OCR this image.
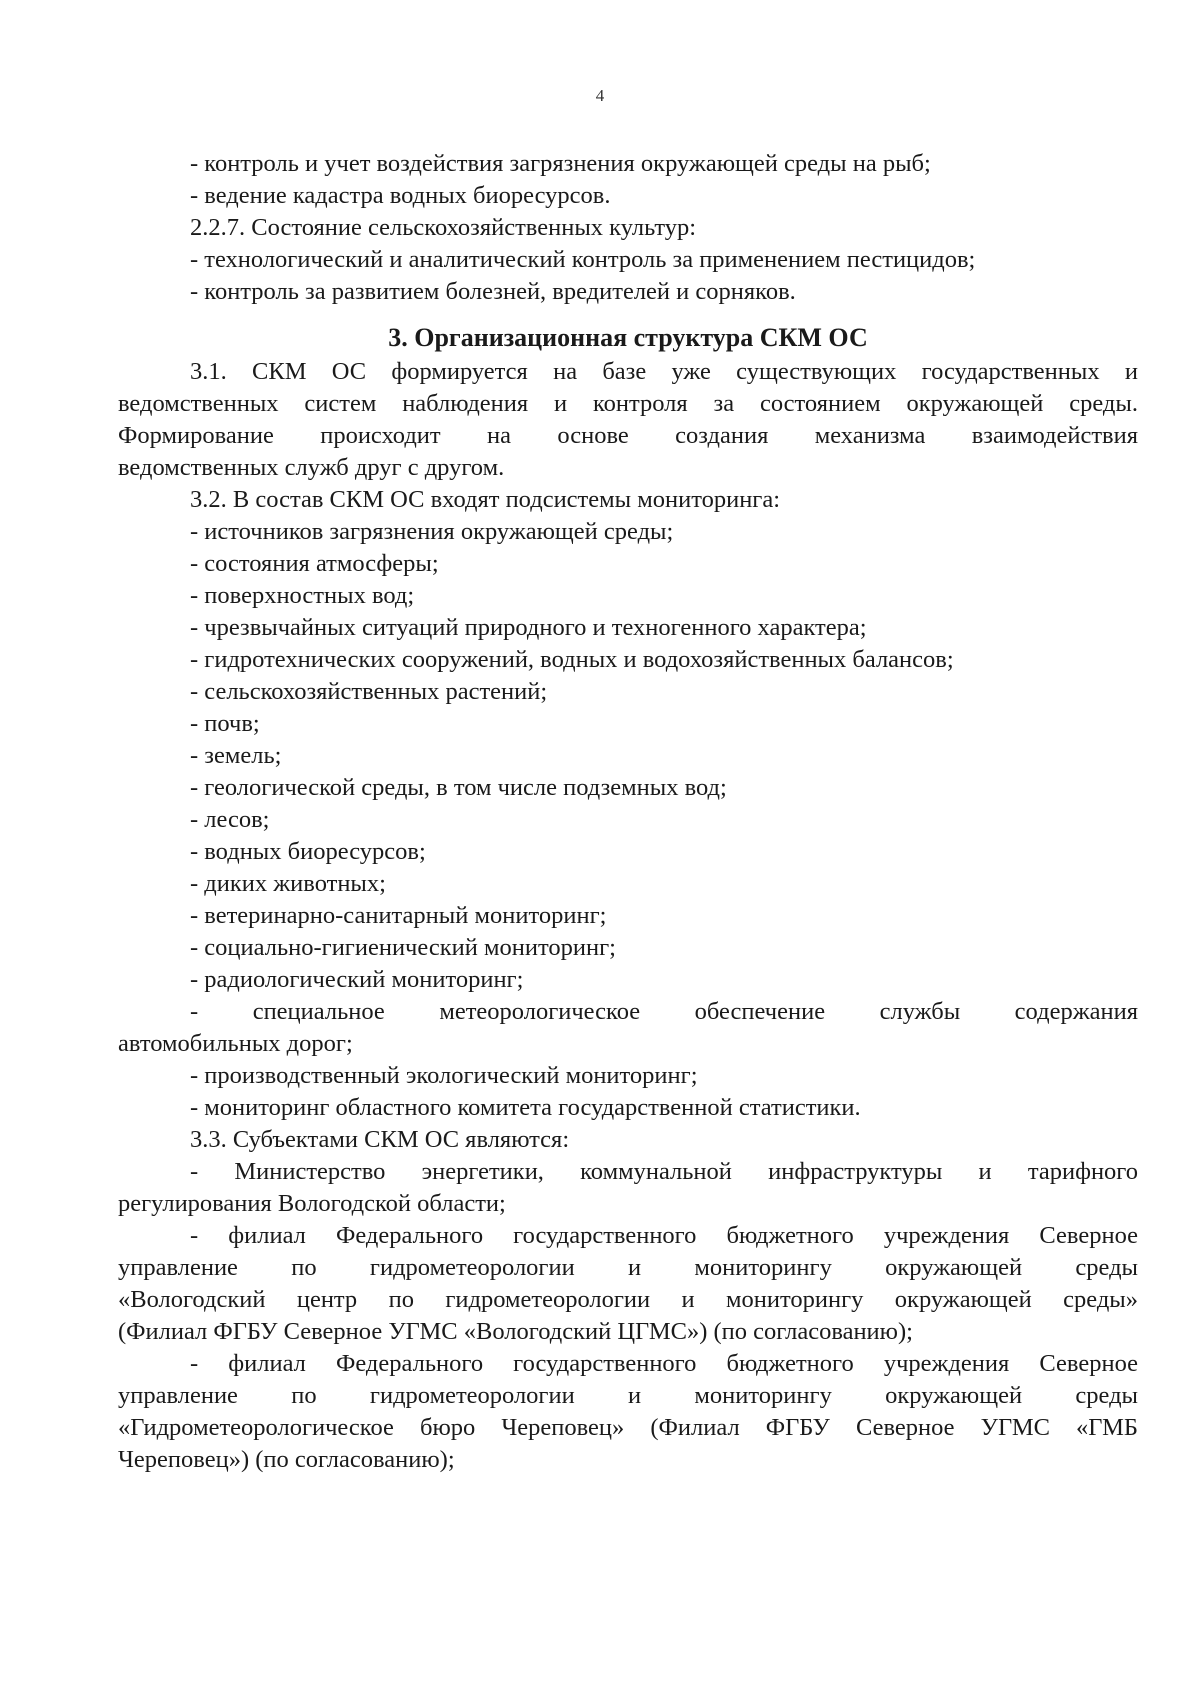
4

- контроль и учет воздействия загрязнения окружающей среды на рыб;

- ведение кадастра водных биоресурсов.

2.2.7. Состояние сельскохозяйственных культур:

- технологический и аналитический контроль за применением пестицидов;

- контроль за развитием болезней, вредителей и сорняков.

3. Организационная структура СКМ ОС

3.1. СКМ ОС формируется на базе уже существующих государственных и

ведомственных систем наблюдения и контроля за состоянием окружающей среды.

Формирование происходит на основе создания механизма взаимодействия

ведомственных служб друг с другом.

3.2. В состав СКМ ОС входят подсистемы мониторинга:

- источников загрязнения окружающей среды;

- состояния атмосферы;

- поверхностных вод;

- чрезвычайных ситуаций природного и техногенного характера;

- гидротехнических сооружений, водных и водохозяйственных балансов;

- сельскохозяйственных растений;

- почв;

- земель;

- геологической среды, в том числе подземных вод;

- лесов;

- водных биоресурсов;

- диких животных;

- ветеринарно-санитарный мониторинг;

- социально-гигиенический мониторинг;

- радиологический мониторинг;

- специальное метеорологическое обеспечение службы содержания

автомобильных дорог;

- производственный экологический мониторинг;

- мониторинг областного комитета государственной статистики.

3.3. Субъектами СКМ ОС являются:

- Министерство энергетики, коммунальной инфраструктуры и тарифного

регулирования Вологодской области;

- филиал Федерального государственного бюджетного учреждения Северное

управление по гидрометеорологии и мониторингу окружающей среды

«Вологодский центр по гидрометеорологии и мониторингу окружающей среды»

(Филиал ФГБУ Северное УГМС «Вологодский ЦГМС») (по согласованию);

- филиал Федерального государственного бюджетного учреждения Северное

управление по гидрометеорологии и мониторингу окружающей среды

«Гидрометеорологическое бюро Череповец» (Филиал ФГБУ Северное УГМС «ГМБ

Череповец») (по согласованию);
